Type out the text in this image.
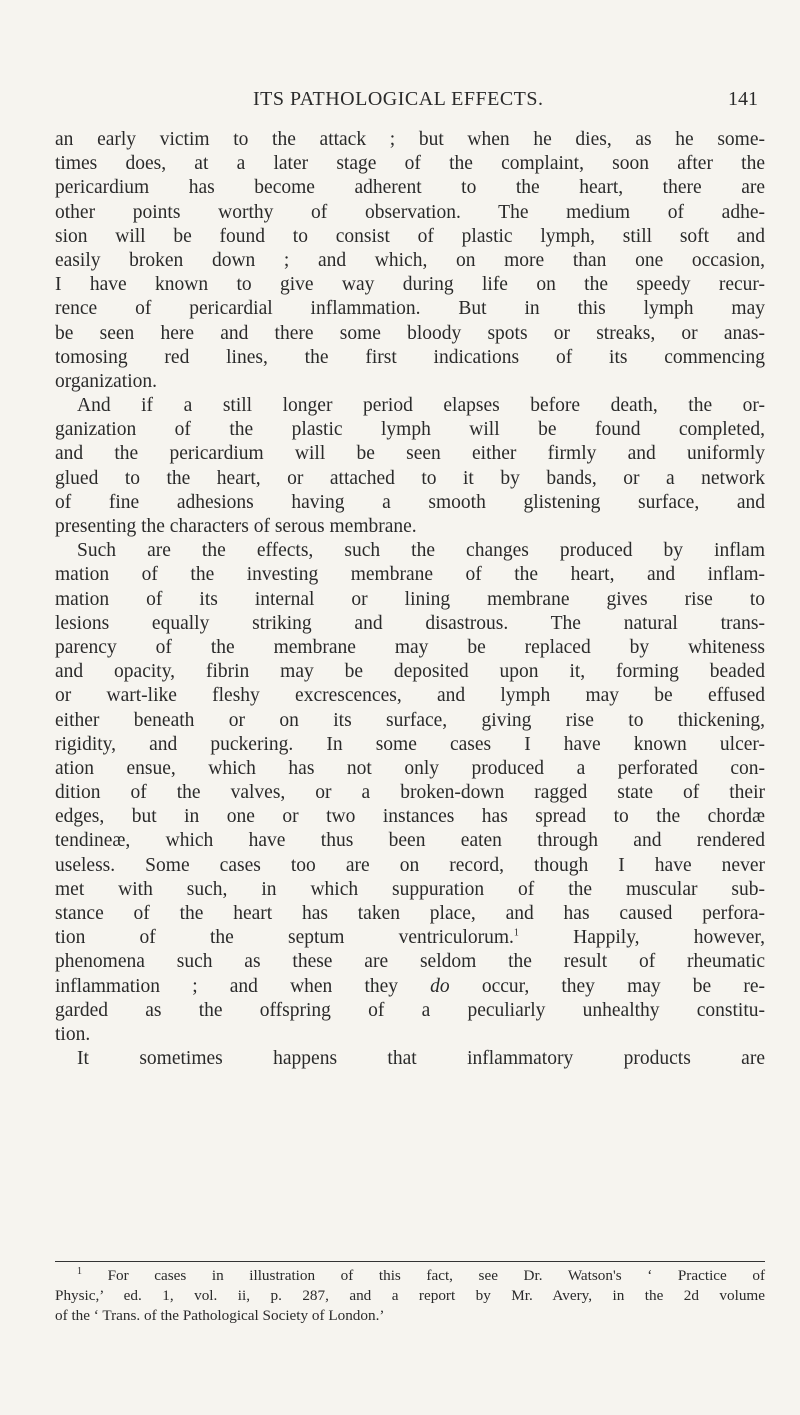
ITS PATHOLOGICAL EFFECTS.	141
an early victim to the attack ; but when he dies, as he some-
times does, at a later stage of the complaint, soon after the
pericardium has become adherent to the heart, there are
other points worthy of observation. The medium of adhe-
sion will be found to consist of plastic lymph, still soft and
easily broken down ; and which, on more than one occasion,
I have known to give way during life on the speedy recur-
rence of pericardial inflammation. But in this lymph may
be seen here and there some bloody spots or streaks, or anas-
tomosing red lines, the first indications of its commencing
organization.
And if a still longer period elapses before death, the or-
ganization of the plastic lymph will be found completed,
and the pericardium will be seen either firmly and uniformly
glued to the heart, or attached to it by bands, or a network
of fine adhesions having a smooth glistening surface, and
presenting the characters of serous membrane.
Such are the effects, such the changes produced by inflam
mation of the investing membrane of the heart, and inflam-
mation of its internal or lining membrane gives rise to
lesions equally striking and disastrous. The natural trans-
parency of the membrane may be replaced by whiteness
and opacity, fibrin may be deposited upon it, forming beaded
or wart-like fleshy excrescences, and lymph may be effused
either beneath or on its surface, giving rise to thickening,
rigidity, and puckering. In some cases I have known ulcer-
ation ensue, which has not only produced a perforated con-
dition of the valves, or a broken-down ragged state of their
edges, but in one or two instances has spread to the chordæ
tendineæ, which have thus been eaten through and rendered
useless. Some cases too are on record, though I have never
met with such, in which suppuration of the muscular sub-
stance of the heart has taken place, and has caused perfora-
tion of the septum ventriculorum.$^1$ Happily, however,
phenomena such as these are seldom the result of rheumatic
inflammation ; and when they do occur, they may be re-
garded as the offspring of a peculiarly unhealthy constitu-
tion.
It sometimes happens that inflammatory products are
$^1$ For cases in illustration of this fact, see Dr. Watson's ‘ Practice of
Physic,’ ed. 1, vol. ii, p. 287, and a report by Mr. Avery, in the 2d volume
of the ‘ Trans. of the Pathological Society of London.’
